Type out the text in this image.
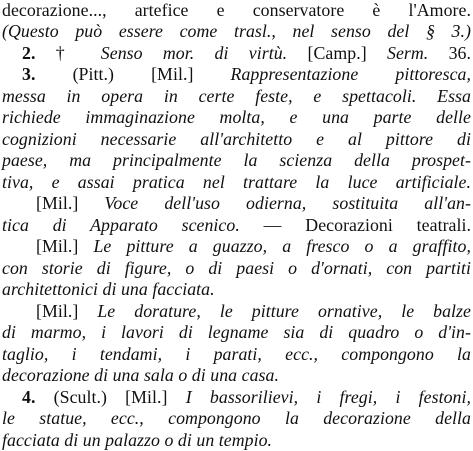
decorazione..., artefice e conservatore è l'Amore.
(Questo può essere come trasl., nel senso del § 3.)
2. † Senso mor. di virtù. [Camp.] Serm. 36.
3. (Pitt.) [Mil.] Rappresentazione pittoresca,
messa in opera in certe feste, e spettacoli. Essa
richiede immaginazione molta, e una parte delle
cognizioni necessarie all'architetto e al pittore di
paese, ma principalmente la scienza della prospet-
tiva, e assai pratica nel trattare la luce artificiale.
[Mil.] Voce dell'uso odierna, sostituita all'an-
tica di Apparato scenico. — Decorazioni teatrali.
[Mil.] Le pitture a guazzo, a fresco o a graffito,
con storie di figure, o di paesi o d'ornati, con partiti
architettonici di una facciata.
[Mil.] Le dorature, le pitture ornative, le balze
di marmo, i lavori di legname sia di quadro o d'in-
taglio, i tendami, i parati, ecc., compongono la
decorazione di una sala o di una casa.
4. (Scult.) [Mil.] I bassorilievi, i fregi, i festoni,
le statue, ecc., compongono la decorazione della
facciata di un palazzo o di un tempio.
